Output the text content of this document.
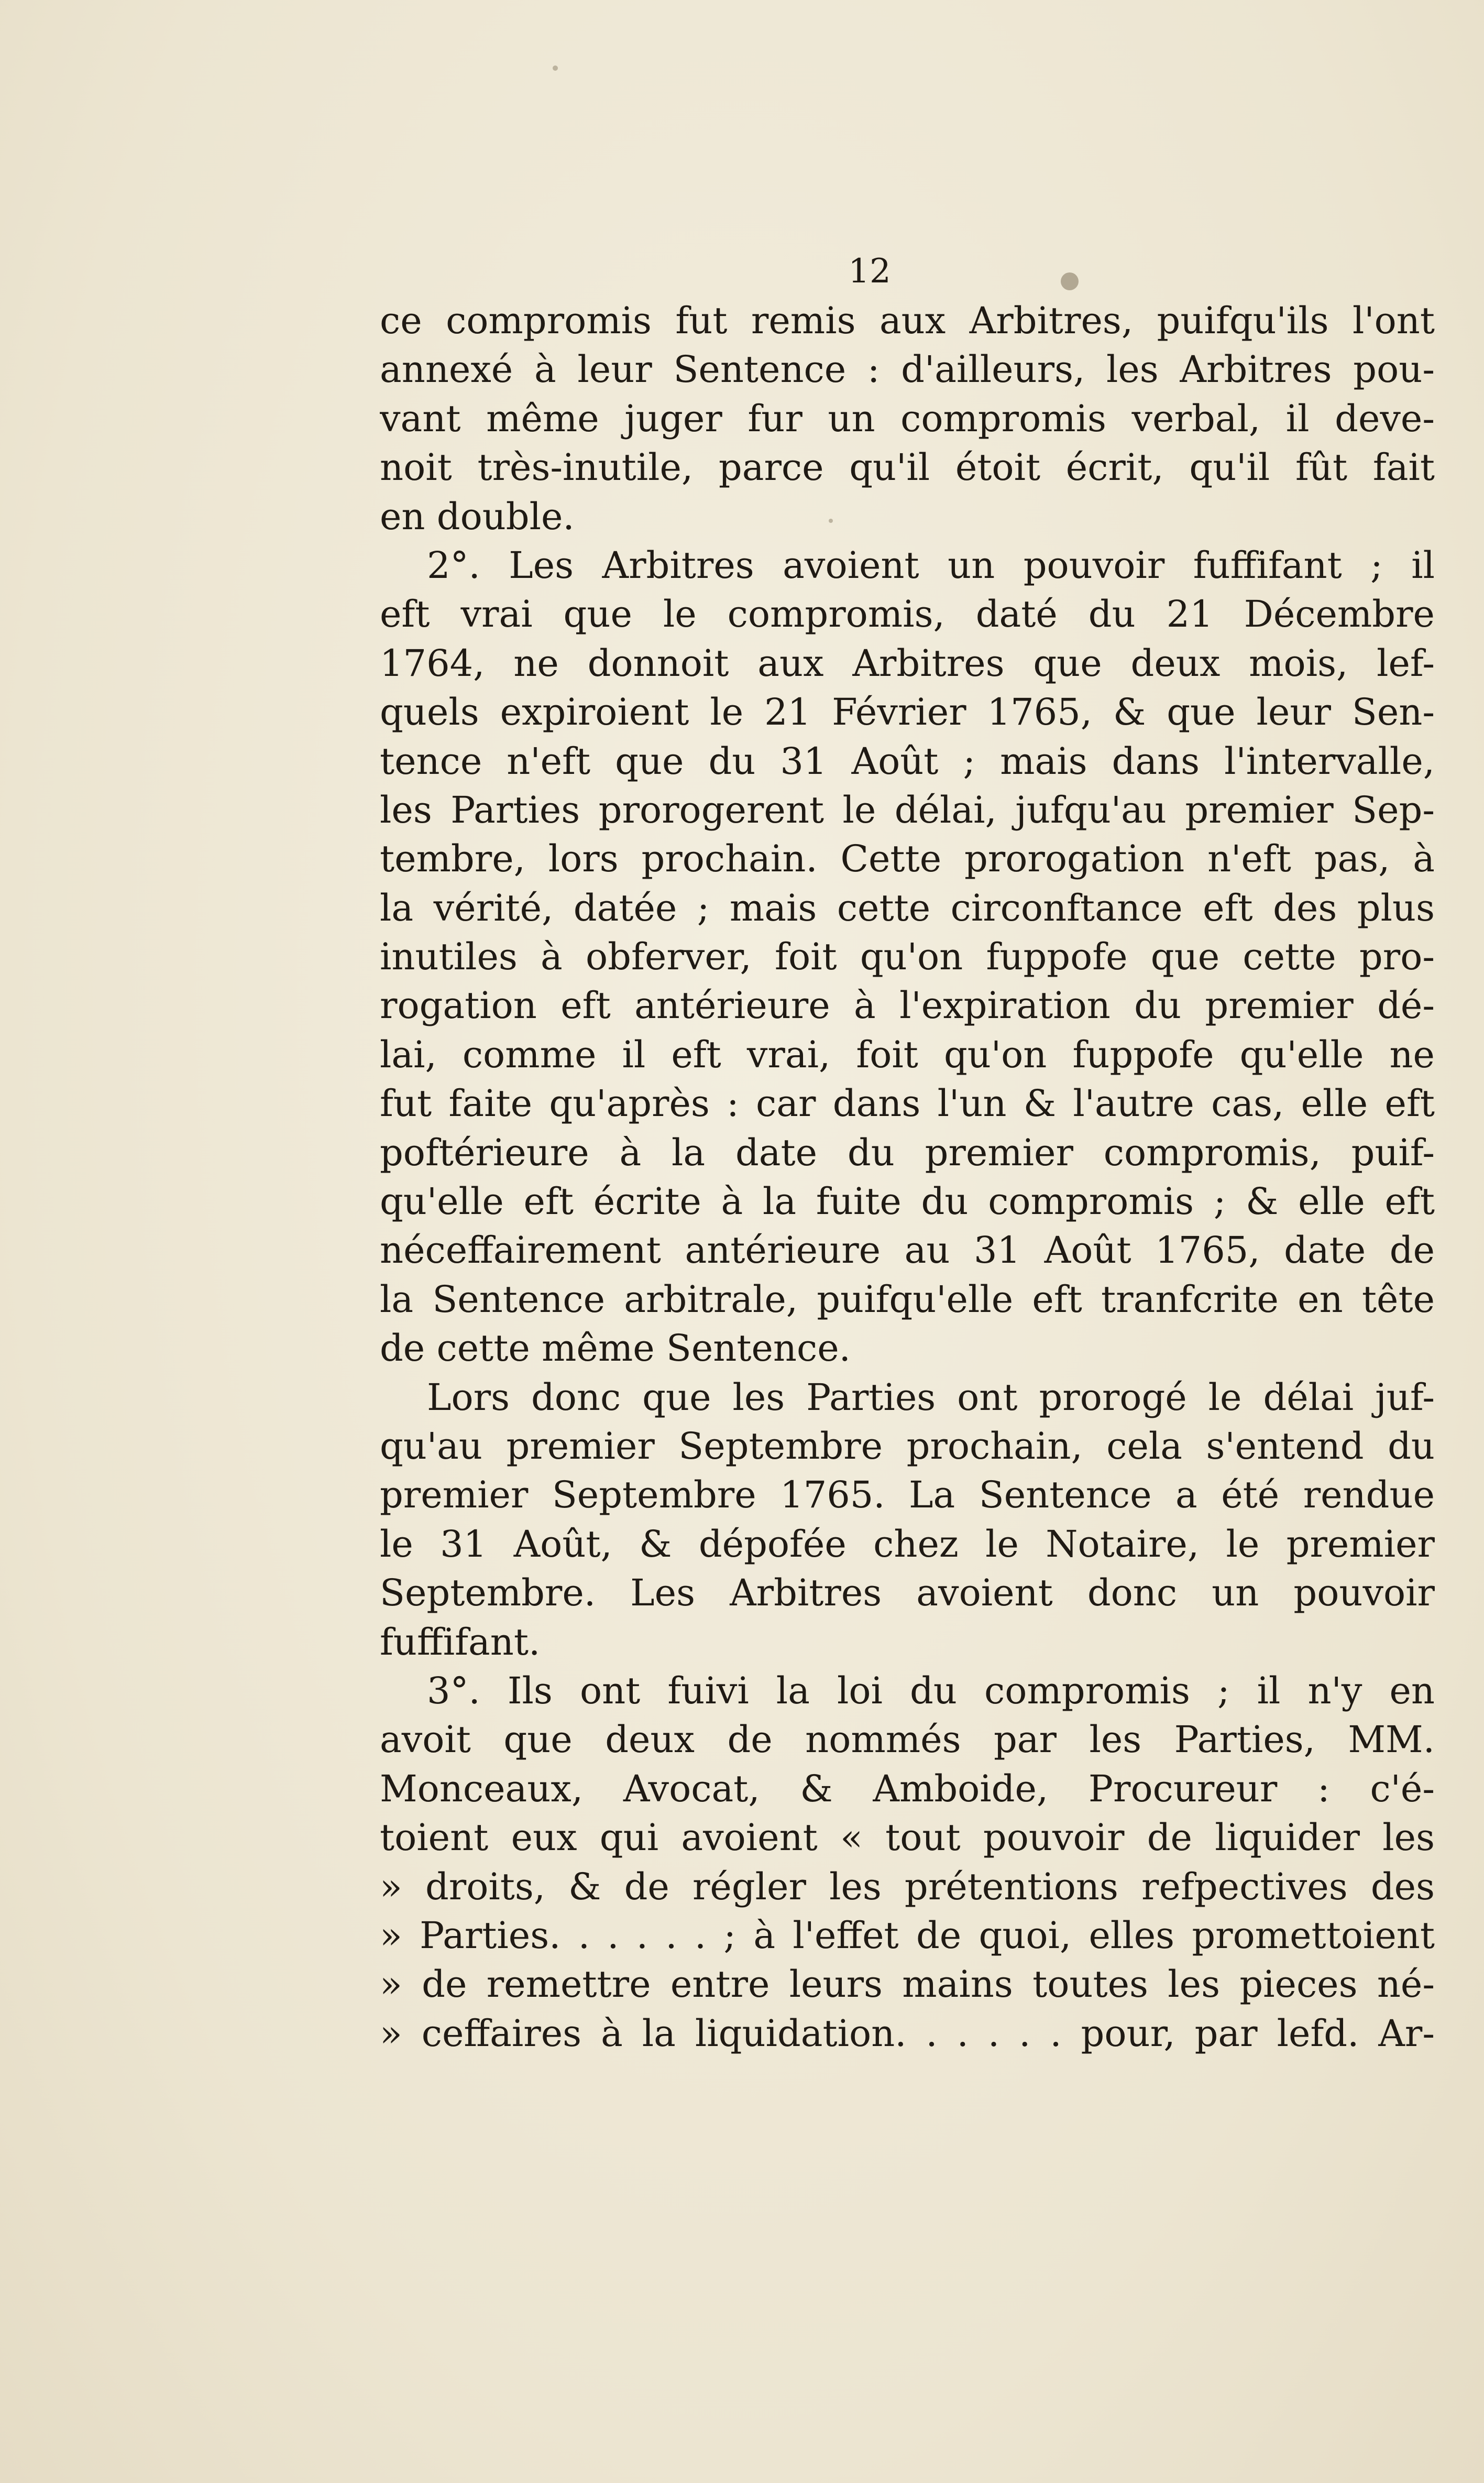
12
ce compromis fut remis aux Arbitres, puifqu'ils l'ont
annexé à leur Sentence : d'ailleurs, les Arbitres pou-
vant même juger fur un compromis verbal, il deve-
noit très-inutile, parce qu'il étoit écrit, qu'il fût fait
en double.
2°. Les Arbitres avoient un pouvoir fuffifant ; il
eft vrai que le compromis, daté du 21 Décembre
1764, ne donnoit aux Arbitres que deux mois, lef-
quels expiroient le 21 Février 1765, & que leur Sen-
tence n'eft que du 31 Août ; mais dans l'intervalle,
les Parties prorogerent le délai, jufqu'au premier Sep-
tembre, lors prochain. Cette prorogation n'eft pas, à
la vérité, datée ; mais cette circonftance eft des plus
inutiles à obferver, foit qu'on fuppofe que cette pro-
rogation eft antérieure à l'expiration du premier dé-
lai, comme il eft vrai, foit qu'on fuppofe qu'elle ne
fut faite qu'après : car dans l'un & l'autre cas, elle eft
poftérieure à la date du premier compromis, puif-
qu'elle eft écrite à la fuite du compromis ; & elle eft
néceffairement antérieure au 31 Août 1765, date de
la Sentence arbitrale, puifqu'elle eft tranfcrite en tête
de cette même Sentence.
Lors donc que les Parties ont prorogé le délai juf-
qu'au premier Septembre prochain, cela s'entend du
premier Septembre 1765. La Sentence a été rendue
le 31 Août, & dépofée chez le Notaire, le premier
Septembre. Les Arbitres avoient donc un pouvoir
fuffifant.
3°. Ils ont fuivi la loi du compromis ; il n'y en
avoit que deux de nommés par les Parties, MM.
Monceaux, Avocat, & Amboide, Procureur : c'é-
toient eux qui avoient « tout pouvoir de liquider les
» droits, & de régler les prétentions refpectives des
» Parties. . . . . . ; à l'effet de quoi, elles promettoient
» de remettre entre leurs mains toutes les pieces né-
» ceffaires à la liquidation. . . . . . pour, par lefd. Ar-
